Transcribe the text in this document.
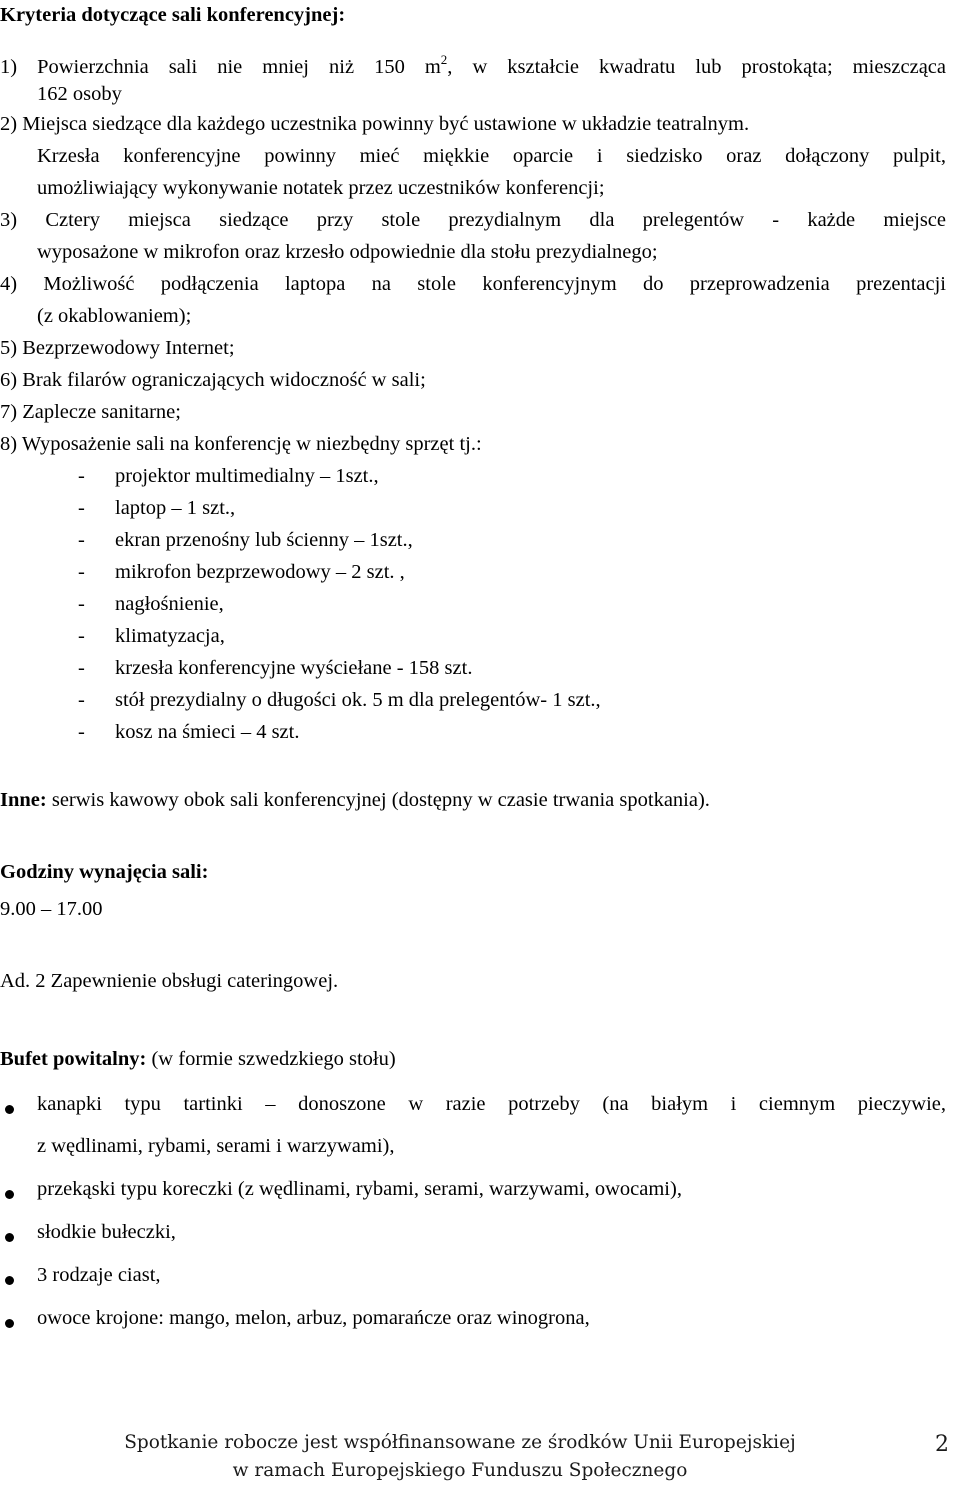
Kryteria dotyczące sali konferencyjnej:
1) Powierzchnia sali nie mniej niż 150 $m^2$, w kształcie kwadratu lub prostokąta; mieszcząca
162 osoby
2) Miejsca siedzące dla każdego uczestnika powinny być ustawione w układzie teatralnym.
Krzesła konferencyjne powinny mieć miękkie oparcie i siedzisko oraz dołączony pulpit,
umożliwiający wykonywanie notatek przez uczestników konferencji;
3) Cztery miejsca siedzące przy stole prezydialnym dla prelegentów - każde miejsce
wyposażone w mikrofon oraz krzesło odpowiednie dla stołu prezydialnego;
4) Możliwość podłączenia laptopa na stole konferencyjnym do przeprowadzenia prezentacji
(z okablowaniem);
5) Bezprzewodowy Internet;
6) Brak filarów ograniczających widoczność w sali;
7) Zaplecze sanitarne;
8) Wyposażenie sali na konferencję w niezbędny sprzęt tj.:
- projektor multimedialny – 1szt.,
- laptop – 1 szt.,
- ekran przenośny lub ścienny – 1szt.,
- mikrofon bezprzewodowy – 2 szt. ,
- nagłośnienie,
- klimatyzacja,
- krzesła konferencyjne wyściełane - 158 szt.
- stół prezydialny o długości ok. 5 m dla prelegentów- 1 szt.,
- kosz na śmieci – 4 szt.
Inne: serwis kawowy obok sali konferencyjnej (dostępny w czasie trwania spotkania).
Godziny wynajęcia sali:
9.00 – 17.00
Ad. 2 Zapewnienie obsługi cateringowej.
Bufet powitalny: (w formie szwedzkiego stołu)
kanapki typu tartinki – donoszone w razie potrzeby (na białym i ciemnym pieczywie,
z wędlinami, rybami, serami i warzywami),
przekąski typu koreczki (z wędlinami, rybami, serami, warzywami, owocami),
słodkie bułeczki,
3 rodzaje ciast,
owoce krojone: mango, melon, arbuz, pomarańcze oraz winogrona,
Spotkanie robocze jest współfinansowane ze środków Unii Europejskiej
w ramach Europejskiego Funduszu Społecznego
2
